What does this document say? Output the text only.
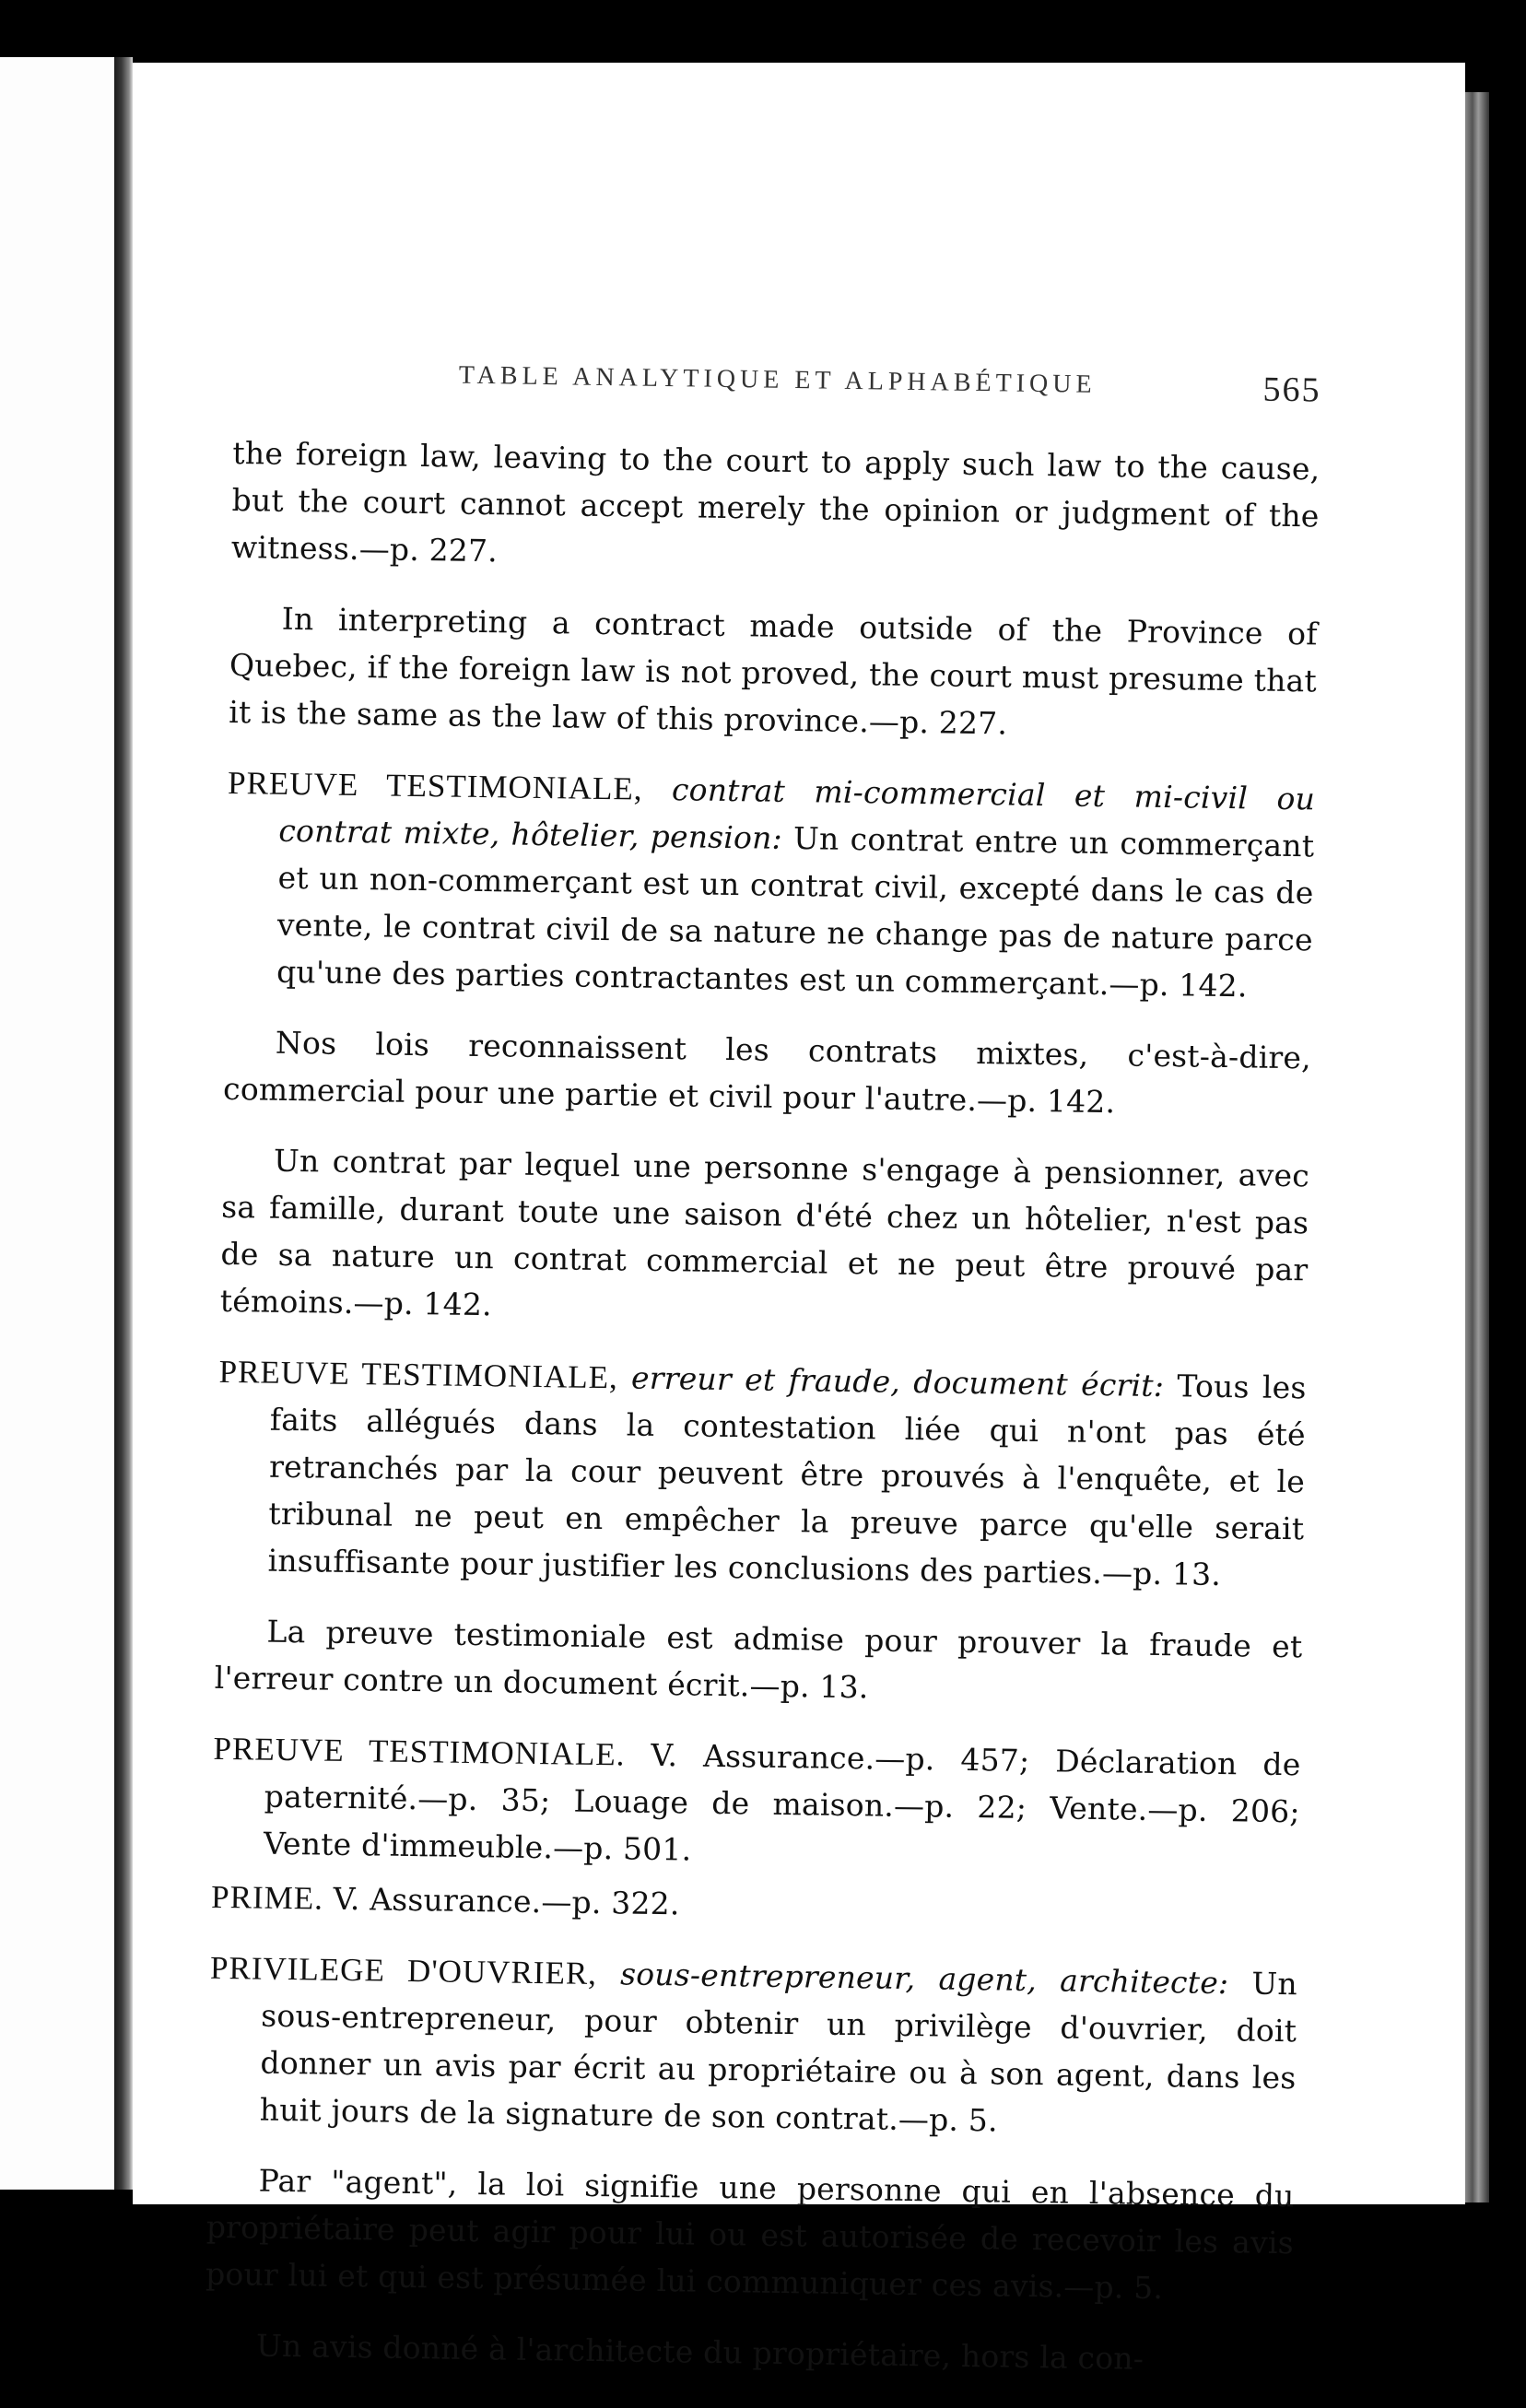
TABLE ANALYTIQUE ET ALPHABÉTIQUE	565

the foreign law, leaving to the court to apply such law to the cause, but the court cannot accept merely the opinion or judgment of the witness.—p. 227.

In interpreting a contract made outside of the Province of Quebec, if the foreign law is not proved, the court must presume that it is the same as the law of this province.—p. 227.

PREUVE TESTIMONIALE, contrat mi-commercial et mi-civil ou contrat mixte, hôtelier, pension: Un contrat entre un commerçant et un non-commerçant est un contrat civil, excepté dans le cas de vente, le contrat civil de sa nature ne change pas de nature parce qu'une des parties contractantes est un commerçant.—p. 142.

Nos lois reconnaissent les contrats mixtes, c'est-à-dire, commercial pour une partie et civil pour l'autre.—p. 142.

Un contrat par lequel une personne s'engage à pensionner, avec sa famille, durant toute une saison d'été chez un hôtelier, n'est pas de sa nature un contrat commercial et ne peut être prouvé par témoins.—p. 142.

PREUVE TESTIMONIALE, erreur et fraude, document écrit: Tous les faits allégués dans la contestation liée qui n'ont pas été retranchés par la cour peuvent être prouvés à l'enquête, et le tribunal ne peut en empêcher la preuve parce qu'elle serait insuffisante pour justifier les conclusions des parties.—p. 13.

La preuve testimoniale est admise pour prouver la fraude et l'erreur contre un document écrit.—p. 13.

PREUVE TESTIMONIALE. V. Assurance.—p. 457; Déclaration de paternité.—p. 35; Louage de maison.—p. 22; Vente.—p. 206; Vente d'immeuble.—p. 501.

PRIME. V. Assurance.—p. 322.

PRIVILEGE D'OUVRIER, sous-entrepreneur, agent, architecte: Un sous-entrepreneur, pour obtenir un privilège d'ouvrier, doit donner un avis par écrit au propriétaire ou à son agent, dans les huit jours de la signature de son contrat.—p. 5.

Par "agent", la loi signifie une personne qui en l'absence du propriétaire peut agir pour lui ou est autorisée de recevoir les avis pour lui et qui est présumée lui communiquer ces avis.—p. 5.

Un avis donné à l'architecte du propriétaire, hors la con-
